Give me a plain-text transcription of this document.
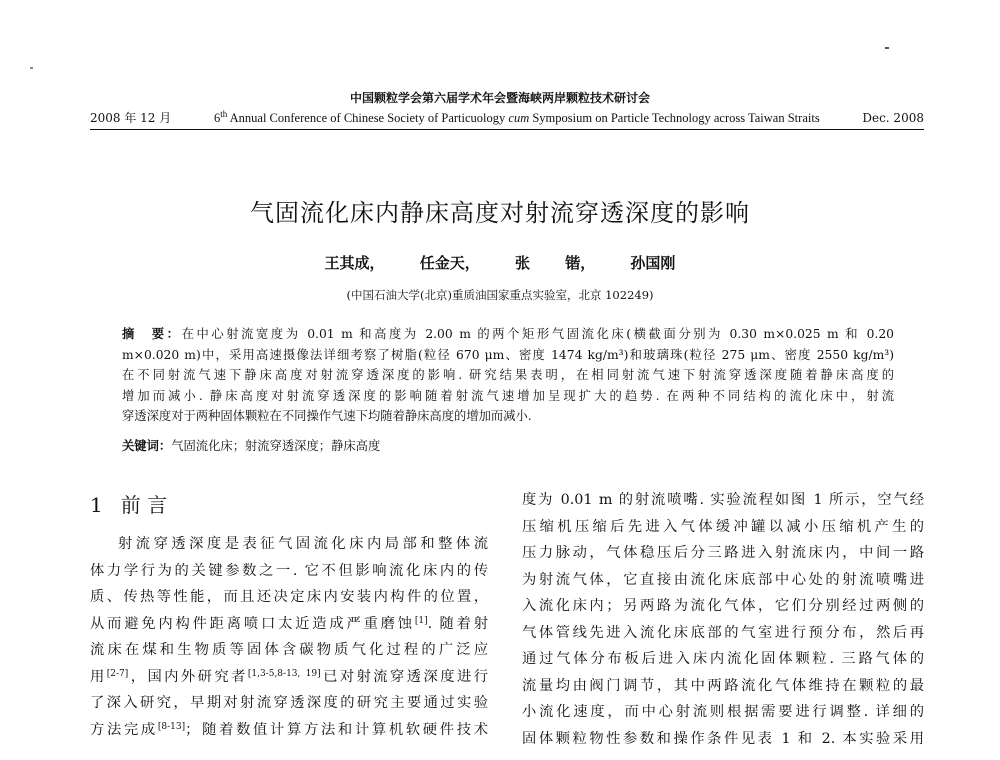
中国颗粒学会第六届学术年会暨海峡两岸颗粒技术研讨会
2008 年 12 月	6th Annual Conference of Chinese Society of Particuology cum Symposium on Particle Technology across Taiwan Straits	Dec. 2008
气固流化床内静床高度对射流穿透深度的影响
王其成， 任金天， 张 锴， 孙国刚
(中国石油大学(北京)重质油国家重点实验室，北京 102249)
摘　要：在中心射流宽度为 0.01 m 和高度为 2.00 m 的两个矩形气固流化床(横截面分别为 0.30 m×0.025 m 和 0.20
m×0.020 m)中，采用高速摄像法详细考察了树脂(粒径 670 μm、密度 1474 kg/m³)和玻璃珠(粒径 275 μm、密度 2550 kg/m³)
在不同射流气速下静床高度对射流穿透深度的影响. 研究结果表明，在相同射流气速下射流穿透深度随着静床高度的
增加而减小. 静床高度对射流穿透深度的影响随着射流气速增加呈现扩大的趋势. 在两种不同结构的流化床中，射流
穿透深度对于两种固体颗粒在不同操作气速下均随着静床高度的增加而减小.
关键词：气固流化床；射流穿透深度；静床高度
1 前 言
射流穿透深度是表征气固流化床内局部和整体流
体力学行为的关键参数之一. 它不但影响流化床内的传
质、传热等性能，而且还决定床内安装内构件的位置，
从而避免内构件距离喷口太近造成严重磨蚀[1]. 随着射
流床在煤和生物质等固体含碳物质气化过程的广泛应
用[2-7]，国内外研究者[1,3-5,8-13, 19]已对射流穿透深度进行
了深入研究，早期对射流穿透深度的研究主要通过实验
方法完成[8-13]；随着数值计算方法和计算机软硬件技术
度为 0.01 m 的射流喷嘴. 实验流程如图 1 所示，空气经
压缩机压缩后先进入气体缓冲罐以减小压缩机产生的
压力脉动，气体稳压后分三路进入射流床内，中间一路
为射流气体，它直接由流化床底部中心处的射流喷嘴进
入流化床内；另两路为流化气体，它们分别经过两侧的
气体管线先进入流化床底部的气室进行预分布，然后再
通过气体分布板后进入床内流化固体颗粒. 三路气体的
流量均由阀门调节，其中两路流化气体维持在颗粒的最
小流化速度，而中心射流则根据需要进行调整. 详细的
固体颗粒物性参数和操作条件见表 1 和 2. 本实验采用
